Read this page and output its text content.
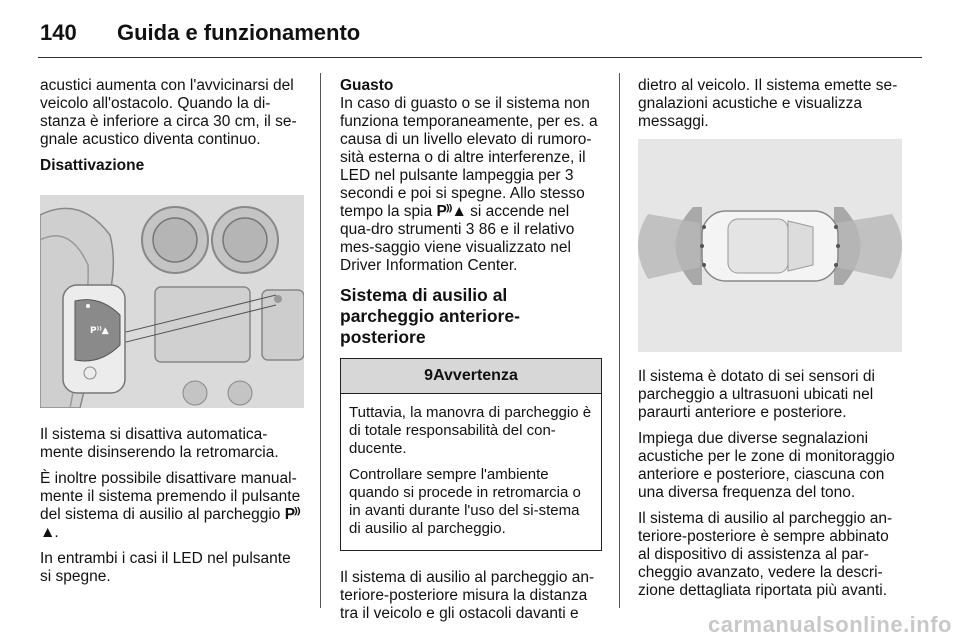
140 Guida e funzionamento

acustici aumenta con l'avvicinarsi del veicolo all'ostacolo. Quando la di-stanza è inferiore a circa 30 cm, il se-gnale acustico diventa continuo.

Disattivazione
P⁾⁾▲

Il sistema si disattiva automatica-mente disinserendo la retromarcia.

È inoltre possibile disattivare manual-mente il sistema premendo il pulsante del sistema di ausilio al parcheggio P⁾⁾▲.

In entrambi i casi il LED nel pulsante si spegne.

Guasto
In caso di guasto o se il sistema non funziona temporaneamente, per es. a causa di un livello elevato di rumoro-sità esterna o di altre interferenze, il LED nel pulsante lampeggia per 3 secondi e poi si spegne. Allo stesso tempo la spia P⁾⁾▲ si accende nel qua-dro strumenti 3 86 e il relativo mes-saggio viene visualizzato nel Driver Information Center.

Sistema di ausilio al parcheggio anteriore-posteriore
9Avvertenza

Tuttavia, la manovra di parcheggio è di totale responsabilità del con-ducente.

Controllare sempre l'ambiente quando si procede in retromarcia o in avanti durante l'uso del si-stema di ausilio al parcheggio.

Il sistema di ausilio al parcheggio an-teriore-posteriore misura la distanza tra il veicolo e gli ostacoli davanti e

dietro al veicolo. Il sistema emette se-gnalazioni acustiche e visualizza messaggi.

Il sistema è dotato di sei sensori di parcheggio a ultrasuoni ubicati nel paraurti anteriore e posteriore.

Impiega due diverse segnalazioni acustiche per le zone di monitoraggio anteriore e posteriore, ciascuna con una diversa frequenza del tono.

Il sistema di ausilio al parcheggio an-teriore-posteriore è sempre abbinato al dispositivo di assistenza al par-cheggio avanzato, vedere la descri-zione dettagliata riportata più avanti.

carmanualsonline.info
